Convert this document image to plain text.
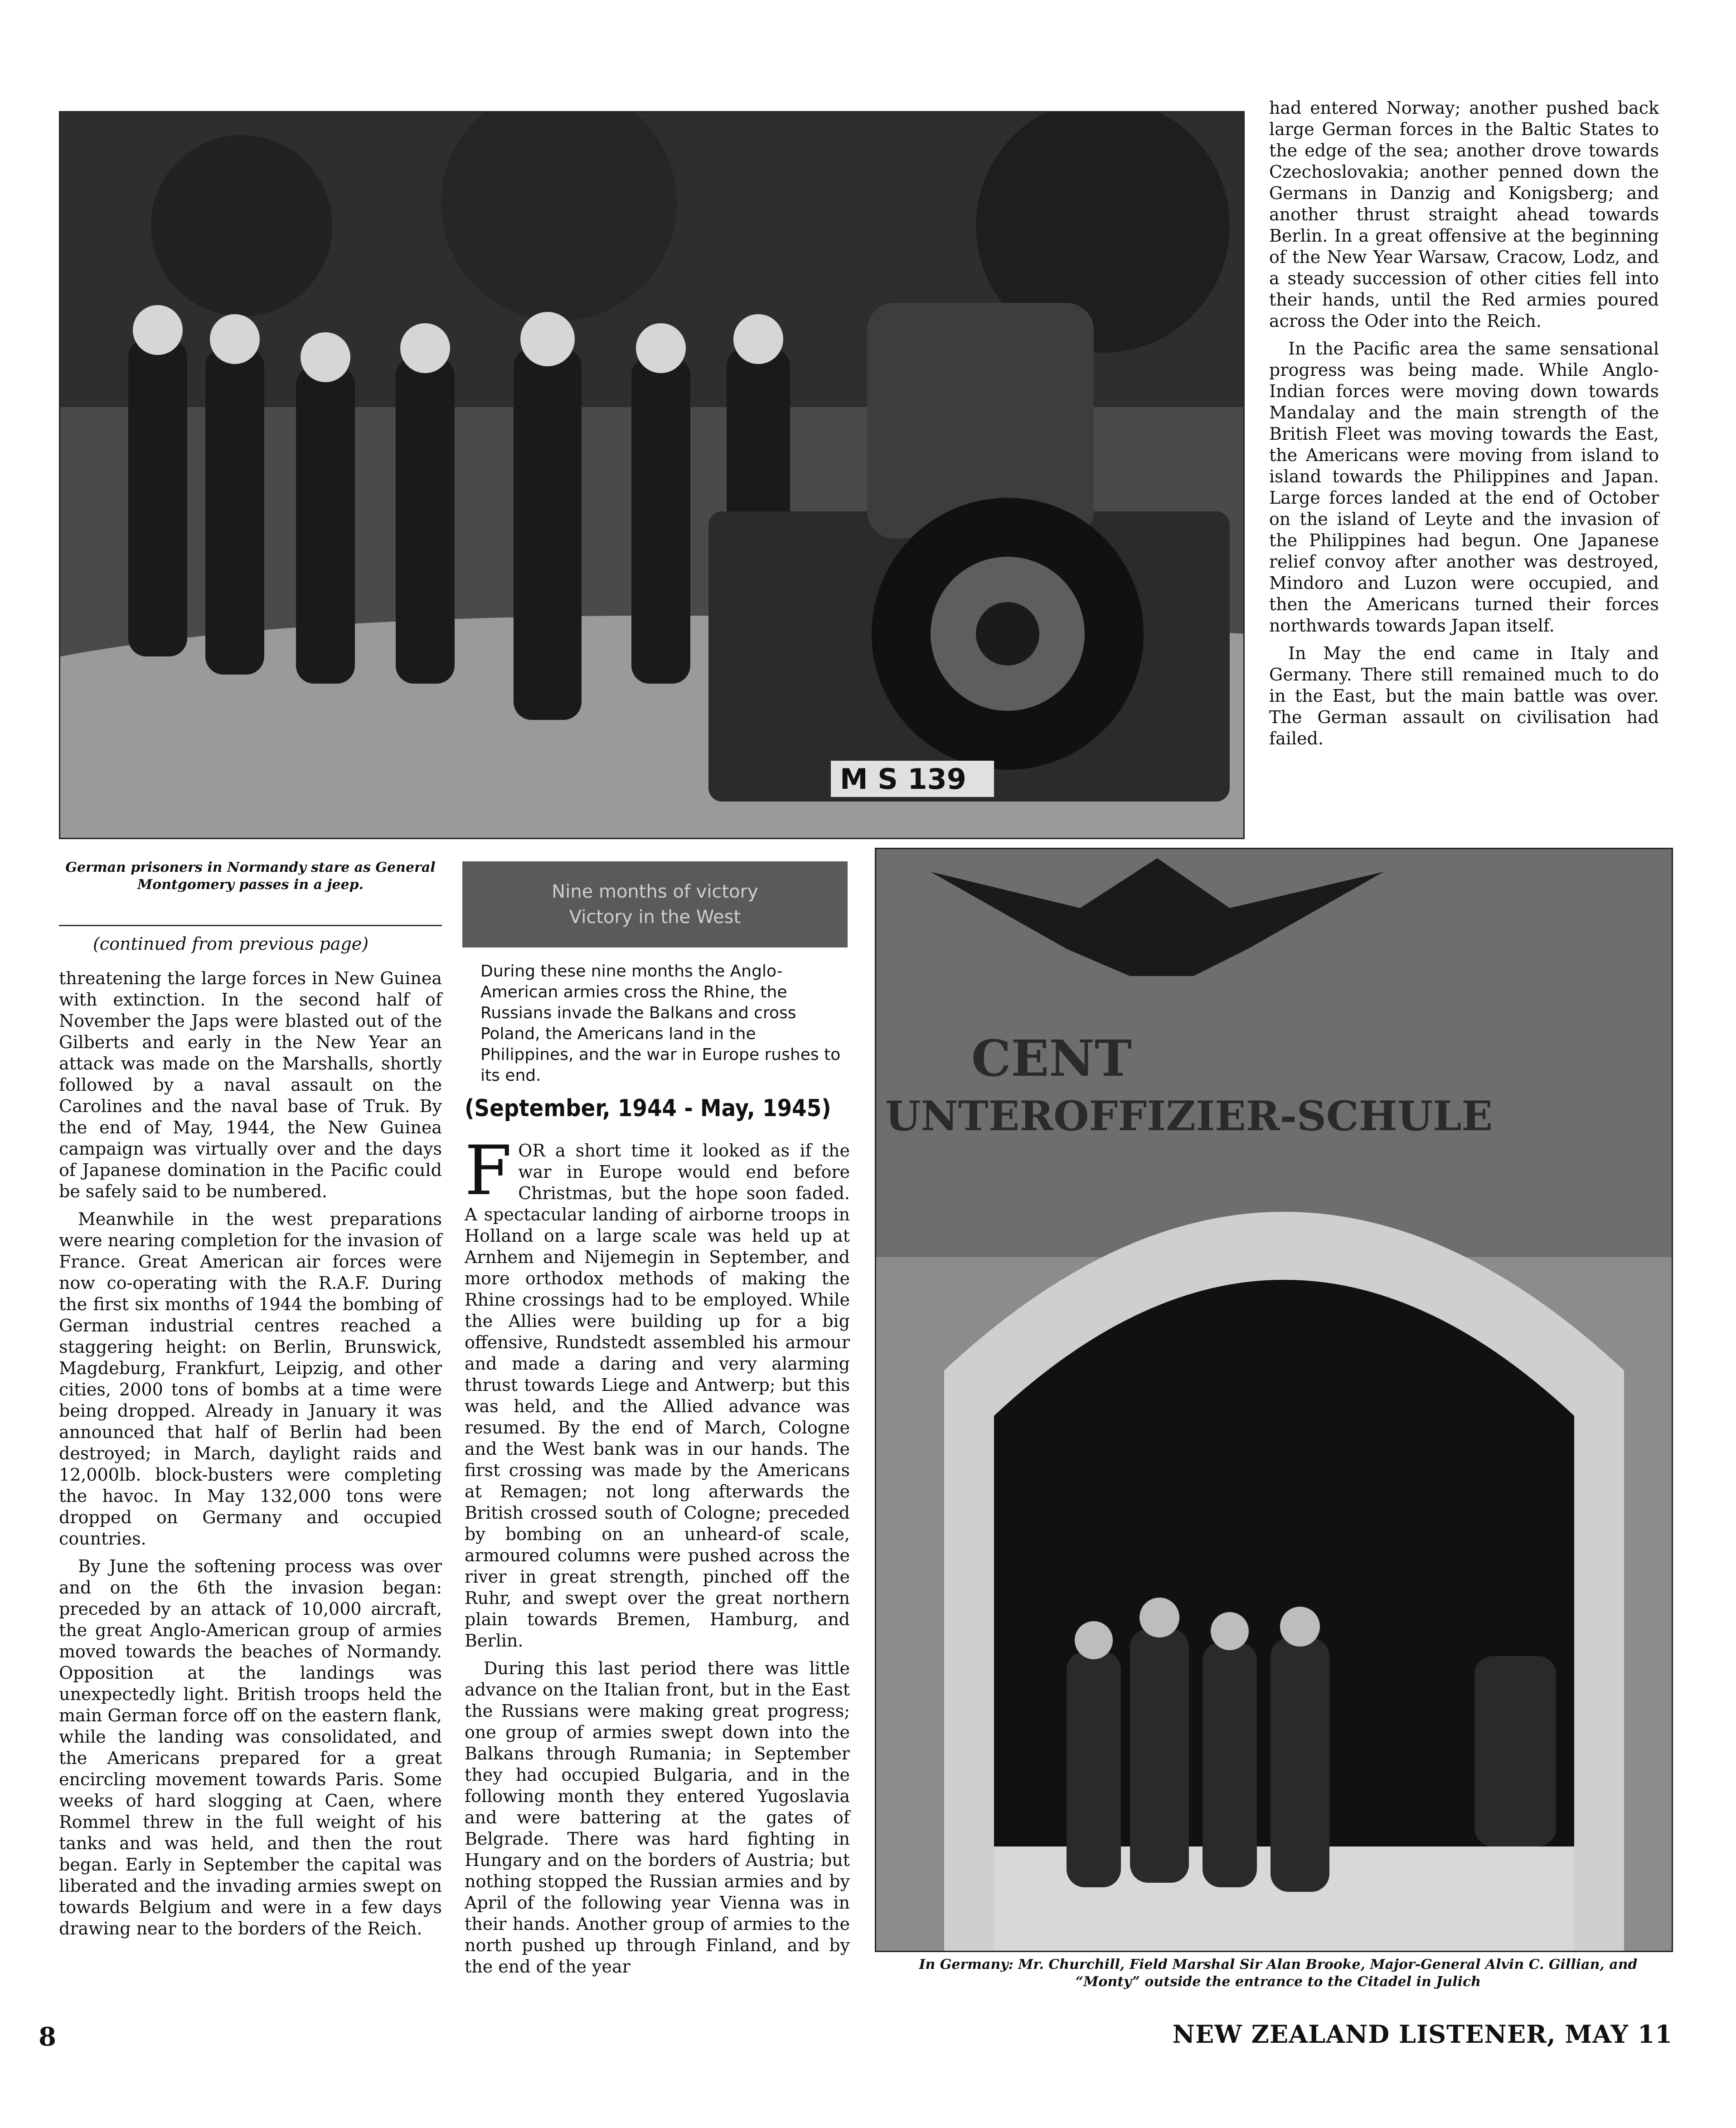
M S 139

had entered Norway; another pushed back large German forces in the Baltic States to the edge of the sea; another drove towards Czechoslovakia; another penned down the Germans in Danzig and Konigsberg; and another thrust straight ahead towards Berlin. In a great offensive at the beginning of the New Year Warsaw, Cracow, Lodz, and a steady succession of other cities fell into their hands, until the Red armies poured across the Oder into the Reich.

In the Pacific area the same sensational progress was being made. While Anglo-Indian forces were moving down towards Mandalay and the main strength of the British Fleet was moving towards the East, the Americans were moving from island to island towards the Philippines and Japan. Large forces landed at the end of October on the island of Leyte and the invasion of the Philippines had begun. One Japanese relief convoy after another was destroyed, Mindoro and Luzon were occupied, and then the Americans turned their forces northwards towards Japan itself.

In May the end came in Italy and Germany. There still remained much to do in the East, but the main battle was over. The German assault on civilisation had failed.

German prisoners in Normandy stare as General Montgomery passes in a jeep.
CENT
UNTEROFFIZIER-SCHULE
In Germany: Mr. Churchill, Field Marshal Sir Alan Brooke, Major-General Alvin C. Gillian, and “Monty” outside the entrance to the Citadel in Julich
(continued from previous page)

threatening the large forces in New Guinea with extinction. In the second half of November the Japs were blasted out of the Gilberts and early in the New Year an attack was made on the Marshalls, shortly followed by a naval assault on the Carolines and the naval base of Truk. By the end of May, 1944, the New Guinea campaign was virtually over and the days of Japanese domination in the Pacific could be safely said to be numbered.

Meanwhile in the west preparations were nearing completion for the invasion of France. Great American air forces were now co-operating with the R.A.F. During the first six months of 1944 the bombing of German industrial centres reached a staggering height: on Berlin, Brunswick, Magdeburg, Frankfurt, Leipzig, and other cities, 2000 tons of bombs at a time were being dropped. Already in January it was announced that half of Berlin had been destroyed; in March, daylight raids and 12,000lb. block-busters were completing the havoc. In May 132,000 tons were dropped on Germany and occupied countries.

By June the softening process was over and on the 6th the invasion began: preceded by an attack of 10,000 aircraft, the great Anglo-American group of armies moved towards the beaches of Normandy. Opposition at the landings was unexpectedly light. British troops held the main German force off on the eastern flank, while the landing was consolidated, and the Americans prepared for a great encircling movement towards Paris. Some weeks of hard slogging at Caen, where Rommel threw in the full weight of his tanks and was held, and then the rout began. Early in September the capital was liberated and the invading armies swept on towards Belgium and were in a few days drawing near to the borders of the Reich.

Nine months of victory
Victory in the West
During these nine months the Anglo-American armies cross the Rhine, the Russians invade the Balkans and cross Poland, the Americans land in the Philippines, and the war in Europe rushes to its end.
(September, 1944 - May, 1945)

FOR a short time it looked as if the war in Europe would end before Christmas, but the hope soon faded. A spectacular landing of airborne troops in Holland on a large scale was held up at Arnhem and Nijemegin in September, and more orthodox methods of making the Rhine crossings had to be employed. While the Allies were building up for a big offensive, Rundstedt assembled his armour and made a daring and very alarming thrust towards Liege and Antwerp; but this was held, and the Allied advance was resumed. By the end of March, Cologne and the West bank was in our hands. The first crossing was made by the Americans at Remagen; not long afterwards the British crossed south of Cologne; preceded by bombing on an unheard-of scale, armoured columns were pushed across the river in great strength, pinched off the Ruhr, and swept over the great northern plain towards Bremen, Hamburg, and Berlin.

During this last period there was little advance on the Italian front, but in the East the Russians were making great progress; one group of armies swept down into the Balkans through Rumania; in September they had occupied Bulgaria, and in the following month they entered Yugoslavia and were battering at the gates of Belgrade. There was hard fighting in Hungary and on the borders of Austria; but nothing stopped the Russian armies and by April of the following year Vienna was in their hands. Another group of armies to the north pushed up through Finland, and by the end of the year

8	NEW ZEALAND LISTENER, MAY 11
